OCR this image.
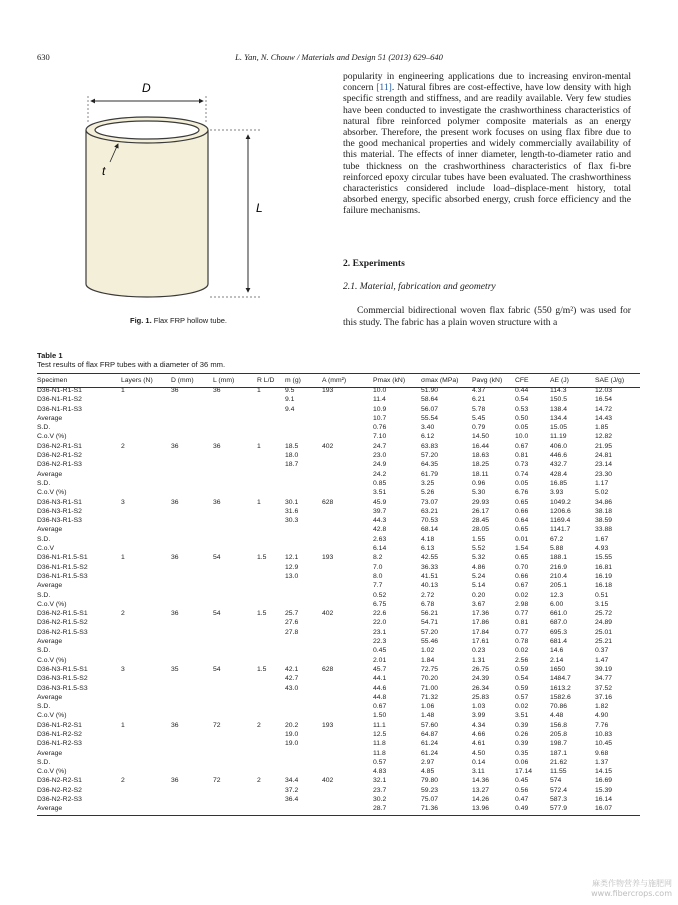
630	L. Yan, N. Chouw / Materials and Design 51 (2013) 629–640
D
t
L
Fig. 1. Flax FRP hollow tube.
popularity in engineering applications due to increasing environ-mental concern [11]. Natural fibres are cost-effective, have low density with high specific strength and stiffness, and are readily available. Very few studies have been conducted to investigate the crashworthiness characteristics of natural fibre reinforced polymer composite materials as an energy absorber. Therefore, the present work focuses on using flax fibre due to the good mechanical properties and widely commercially availability of this material. The effects of inner diameter, length-to-diameter ratio and tube thickness on the crashworthiness characteristics of flax fi-bre reinforced epoxy circular tubes have been evaluated. The crashworthiness characteristics considered include load–displace-ment history, total absorbed energy, specific absorbed energy, crush force efficiency and the failure mechanisms.
2. Experiments
2.1. Material, fabrication and geometry
Commercial bidirectional woven flax fabric (550 g/m²) was used for this study. The fabric has a plain woven structure with a
Table 1
Test results of flax FRP tubes with a diameter of 36 mm.
Specimen	Layers (N)	D (mm)	L (mm)	R L/D	m (g)	A (mm²)	Pmax (kN)	σmax (MPa)	Pavg (kN)	CFE	AE (J)	SAE (J/g)
D36-N1-R1-S1	1	36	36	1	9.5	193	10.0	51.90	4.37	0.44	114.3	12.03
D36-N1-R1-S2					9.1		11.4	58.64	6.21	0.54	150.5	16.54
D36-N1-R1-S3					9.4		10.9	56.07	5.78	0.53	138.4	14.72
Average							10.7	55.54	5.45	0.50	134.4	14.43
S.D.							0.76	3.40	0.79	0.05	15.05	1.85
C.o.V (%)							7.10	6.12	14.50	10.0	11.19	12.82
D36-N2-R1-S1	2	36	36	1	18.5	402	24.7	63.83	16.44	0.67	406.0	21.95
D36-N2-R1-S2					18.0		23.0	57.20	18.63	0.81	446.6	24.81
D36-N2-R1-S3					18.7		24.9	64.35	18.25	0.73	432.7	23.14
Average							24.2	61.79	18.11	0.74	428.4	23.30
S.D.							0.85	3.25	0.96	0.05	16.85	1.17
C.o.V (%)							3.51	5.26	5.30	6.76	3.93	5.02
D36-N3-R1-S1	3	36	36	1	30.1	628	45.9	73.07	29.93	0.65	1049.2	34.86
D36-N3-R1-S2					31.6		39.7	63.21	26.17	0.66	1206.6	38.18
D36-N3-R1-S3					30.3		44.3	70.53	28.45	0.64	1169.4	38.59
Average							42.8	68.14	28.05	0.65	1141.7	33.88
S.D.							2.63	4.18	1.55	0.01	67.2	1.67
C.o.V							6.14	6.13	5.52	1.54	5.88	4.93
D36-N1-R1.5-S1	1	36	54	1.5	12.1	193	8.2	42.55	5.32	0.65	188.1	15.55
D36-N1-R1.5-S2					12.9		7.0	36.33	4.86	0.70	216.9	16.81
D36-N1-R1.5-S3					13.0		8.0	41.51	5.24	0.66	210.4	16.19
Average							7.7	40.13	5.14	0.67	205.1	16.18
S.D.							0.52	2.72	0.20	0.02	12.3	0.51
C.o.V (%)							6.75	6.78	3.67	2.98	6.00	3.15
D36-N2-R1.5-S1	2	36	54	1.5	25.7	402	22.6	56.21	17.36	0.77	661.0	25.72
D36-N2-R1.5-S2					27.6		22.0	54.71	17.86	0.81	687.0	24.89
D36-N2-R1.5-S3					27.8		23.1	57.20	17.84	0.77	695.3	25.01
Average							22.3	55.46	17.61	0.78	681.4	25.21
S.D.							0.45	1.02	0.23	0.02	14.6	0.37
C.o.V (%)							2.01	1.84	1.31	2.56	2.14	1.47
D36-N3-R1.5-S1	3	35	54	1.5	42.1	628	45.7	72.75	26.75	0.59	1650	39.19
D36-N3-R1.5-S2					42.7		44.1	70.20	24.39	0.54	1484.7	34.77
D36-N3-R1.5-S3					43.0		44.6	71.00	26.34	0.59	1613.2	37.52
Average							44.8	71.32	25.83	0.57	1582.6	37.16
S.D.							0.67	1.06	1.03	0.02	70.86	1.82
C.o.V (%)							1.50	1.48	3.99	3.51	4.48	4.90
D36-N1-R2-S1	1	36	72	2	20.2	193	11.1	57.60	4.34	0.39	156.8	7.76
D36-N1-R2-S2					19.0		12.5	64.87	4.66	0.26	205.8	10.83
D36-N1-R2-S3					19.0		11.8	61.24	4.61	0.39	198.7	10.45
Average							11.8	61.24	4.50	0.35	187.1	9.68
S.D.							0.57	2.97	0.14	0.06	21.62	1.37
C.o.V (%)							4.83	4.85	3.11	17.14	11.55	14.15
D36-N2-R2-S1	2	36	72	2	34.4	402	32.1	79.80	14.36	0.45	574	16.69
D36-N2-R2-S2					37.2		23.7	59.23	13.27	0.56	572.4	15.39
D36-N2-R2-S3					36.4		30.2	75.07	14.26	0.47	587.3	16.14
Average							28.7	71.36	13.96	0.49	577.9	16.07
麻类作物营养与施肥网
www.fibercrops.com
